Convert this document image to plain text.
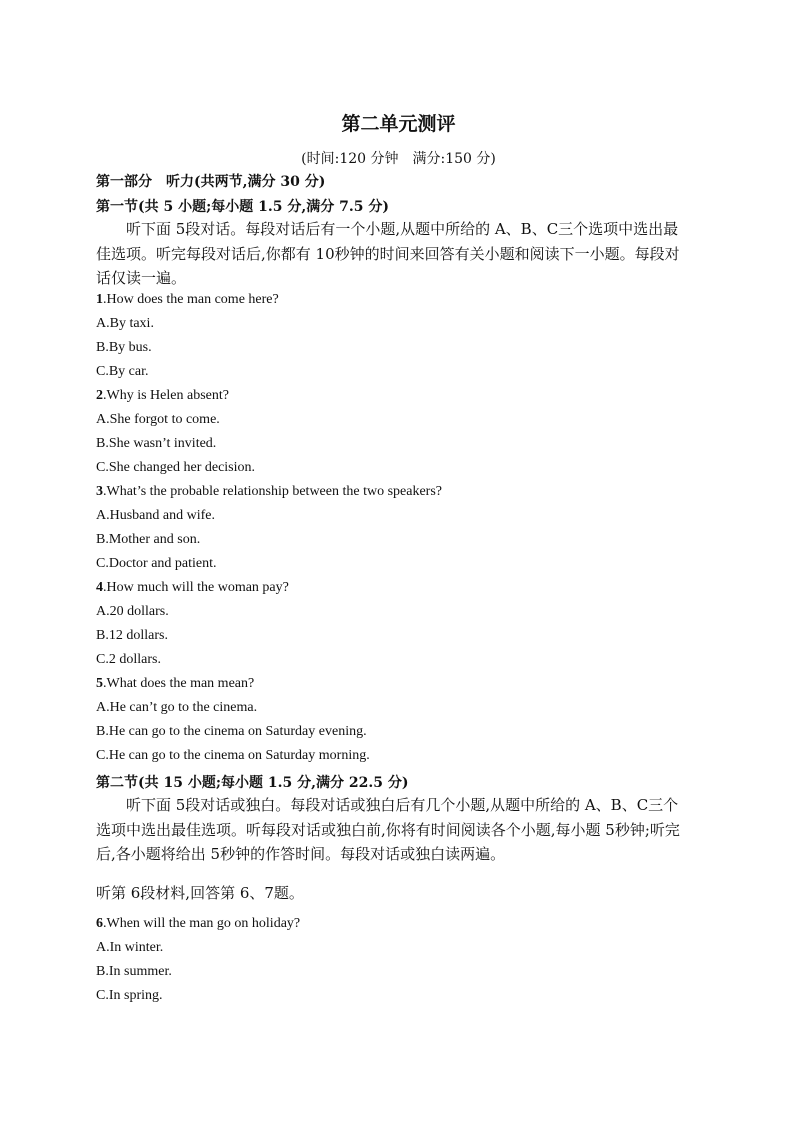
第二单元测评
(时间:120 分钟　满分:150 分)
第一部分　听力(共两节,满分 30 分)
第一节(共 5 小题;每小题 1.5 分,满分 7.5 分)
听下面 5段对话。每段对话后有一个小题,从题中所给的 A、B、C三个选项中选出最佳选项。听完每段对话后,你都有 10秒钟的时间来回答有关小题和阅读下一小题。每段对话仅读一遍。
1.How does the man come here?
A.By taxi.
B.By bus.
C.By car.
2.Why is Helen absent?
A.She forgot to come.
B.She wasn’t invited.
C.She changed her decision.
3.What’s the probable relationship between the two speakers?
A.Husband and wife.
B.Mother and son.
C.Doctor and patient.
4.How much will the woman pay?
A.20 dollars.
B.12 dollars.
C.2 dollars.
5.What does the man mean?
A.He can’t go to the cinema.
B.He can go to the cinema on Saturday evening.
C.He can go to the cinema on Saturday morning.
第二节(共 15 小题;每小题 1.5 分,满分 22.5 分)
听下面 5段对话或独白。每段对话或独白后有几个小题,从题中所给的 A、B、C三个选项中选出最佳选项。听每段对话或独白前,你将有时间阅读各个小题,每小题 5秒钟;听完后,各小题将给出 5秒钟的作答时间。每段对话或独白读两遍。
听第 6段材料,回答第 6、7题。
6.When will the man go on holiday?
A.In winter.
B.In summer.
C.In spring.
